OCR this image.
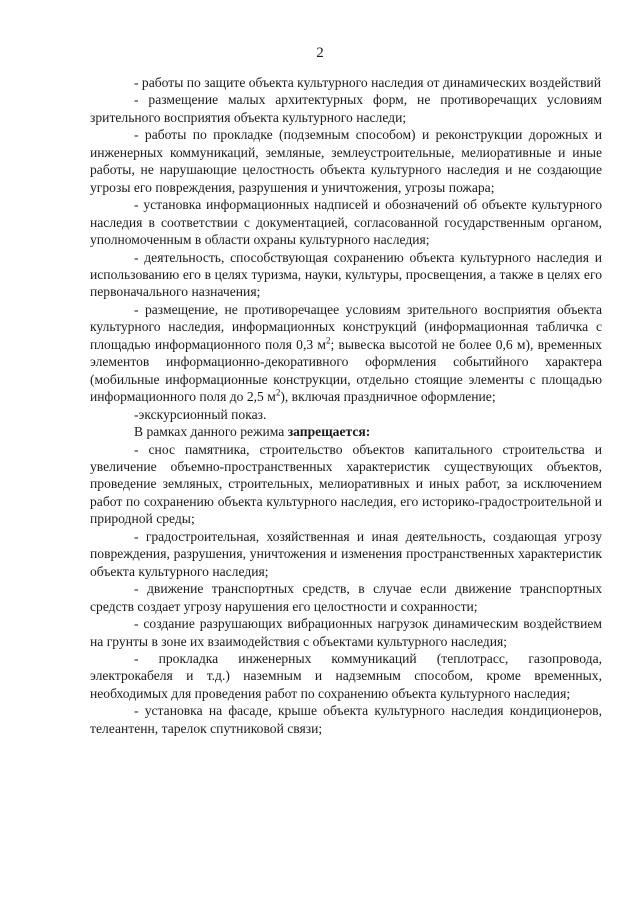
2

- работы по защите объекта культурного наследия от динамических воздействий

- размещение малых архитектурных форм, не противоречащих условиям зрительного восприятия объекта культурного наследи;

- работы по прокладке (подземным способом) и реконструкции дорожных и инженерных коммуникаций, земляные, землеустроительные, мелиоративные и иные работы, не нарушающие целостность объекта культурного наследия и не создающие угрозы его повреждения, разрушения и уничтожения, угрозы пожара;

- установка информационных надписей и обозначений об объекте культурного наследия в соответствии с документацией, согласованной государственным органом, уполномоченным в области охраны культурного наследия;

- деятельность, способствующая сохранению объекта культурного наследия и использованию его в целях туризма, науки, культуры, просвещения, а также в целях его первоначального назначения;

- размещение, не противоречащее условиям зрительного восприятия объекта культурного наследия, информационных конструкций (информационная табличка с площадью информационного поля 0,3 $м^2$; вывеска высотой не более 0,6 м), временных элементов информационно-декоративного оформления событийного характера (мобильные информационные конструкции, отдельно стоящие элементы с площадью информационного поля до 2,5 $м^2$), включая праздничное оформление;

-экскурсионный показ.

В рамках данного режима запрещается:

- снос памятника, строительство объектов капитального строительства и увеличение объемно-пространственных характеристик существующих объектов, проведение земляных, строительных, мелиоративных и иных работ, за исключением работ по сохранению объекта культурного наследия, его историко-градостроительной и природной среды;

- градостроительная, хозяйственная и иная деятельность, создающая угрозу повреждения, разрушения, уничтожения и изменения пространственных характеристик объекта культурного наследия;

- движение транспортных средств, в случае если движение транспортных средств создает угрозу нарушения его целостности и сохранности;

- создание разрушающих вибрационных нагрузок динамическим воздействием на грунты в зоне их взаимодействия с объектами культурного наследия;

- прокладка инженерных коммуникаций (теплотрасс, газопровода, электрокабеля и т.д.) наземным и надземным способом, кроме временных, необходимых для проведения работ по сохранению объекта культурного наследия;

- установка на фасаде, крыше объекта культурного наследия кондиционеров, телеантенн, тарелок спутниковой связи;
